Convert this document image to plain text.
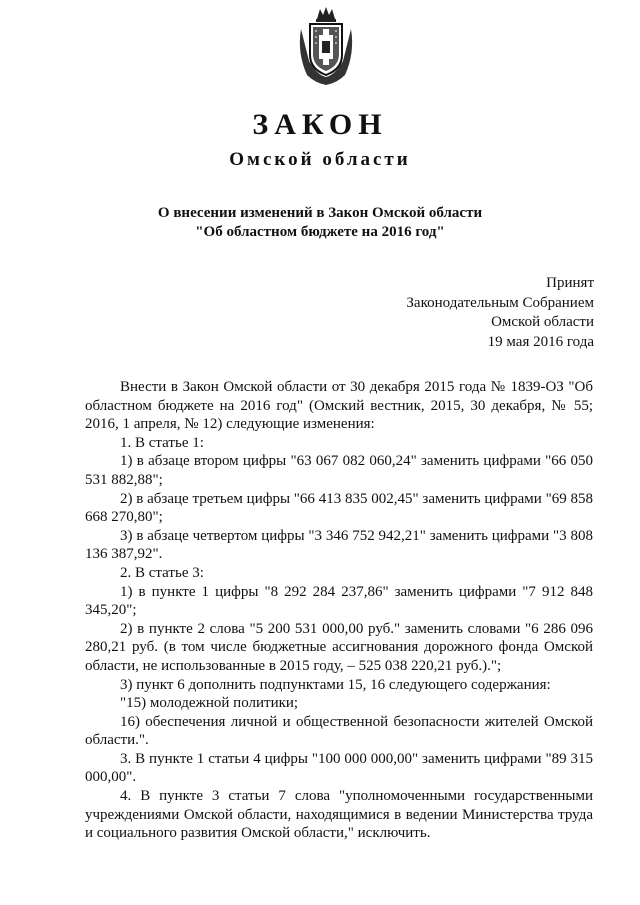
ЗАКОН
Омской области
О внесении изменений в Закон Омской области
"Об областном бюджете на 2016 год"
Принят
Законодательным Собранием
Омской области
19 мая 2016 года

Внести в Закон Омской области от 30 декабря 2015 года № 1839-ОЗ "Об областном бюджете на 2016 год" (Омский вестник, 2015, 30 декабря, № 55; 2016, 1 апреля, № 12) следующие изменения:

1. В статье 1:

1) в абзаце втором цифры "63 067 082 060,24" заменить цифрами "66 050 531 882,88";

2) в абзаце третьем цифры "66 413 835 002,45" заменить цифрами "69 858 668 270,80";

3) в абзаце четвертом цифры "3 346 752 942,21" заменить цифрами "3 808 136 387,92".

2. В статье 3:

1) в пункте 1 цифры "8 292 284 237,86" заменить цифрами "7 912 848 345,20";

2) в пункте 2 слова "5 200 531 000,00 руб." заменить словами "6 286 096 280,21 руб. (в том числе бюджетные ассигнования дорожного фонда Омской области, не использованные в 2015 году, – 525 038 220,21 руб.).";

3) пункт 6 дополнить подпунктами 15, 16 следующего содержания:

"15) молодежной политики;

16) обеспечения личной и общественной безопасности жителей Омской области.".

3. В пункте 1 статьи 4 цифры "100 000 000,00" заменить цифрами "89 315 000,00".

4. В пункте 3 статьи 7 слова "уполномоченными государственными учреждениями Омской области, находящимися в ведении Министерства труда и социального развития Омской области," исключить.
